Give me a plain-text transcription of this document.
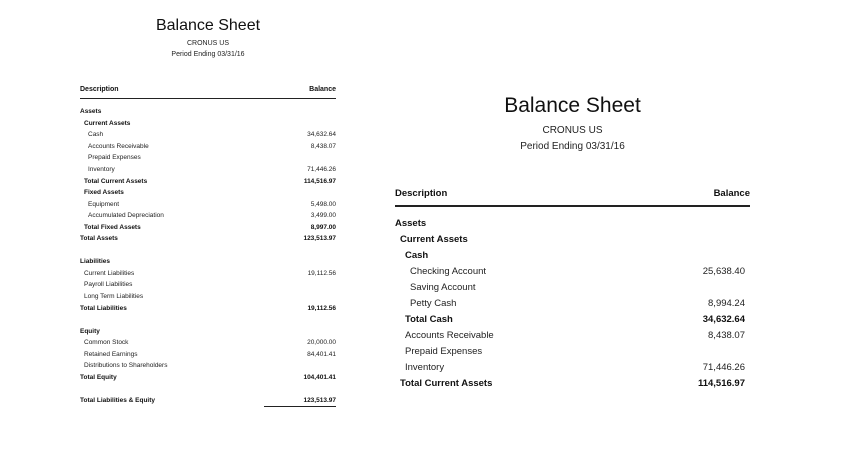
Balance Sheet
CRONUS US
Period Ending 03/31/16
Description	Balance
Assets
Current Assets
Cash	34,632.64
Accounts Receivable	8,438.07
Prepaid Expenses
Inventory	71,446.26
Total Current Assets	114,516.97
Fixed Assets
Equipment	5,498.00
Accumulated Depreciation	3,499.00
Total Fixed Assets	8,997.00
Total Assets	123,513.97
Liabilities
Current Liabilities	19,112.56
Payroll Liabilities
Long Term Liabilities
Total Liabilities	19,112.56
Equity
Common Stock	20,000.00
Retained Earnings	84,401.41
Distributions to Shareholders
Total Equity	104,401.41
Total Liabilities & Equity	123,513.97
Balance Sheet
CRONUS US
Period Ending 03/31/16
Description	Balance
Assets
Current Assets
Cash
Checking Account	25,638.40
Saving Account
Petty Cash	8,994.24
Total Cash	34,632.64
Accounts Receivable	8,438.07
Prepaid Expenses
Inventory	71,446.26
Total Current Assets	114,516.97
